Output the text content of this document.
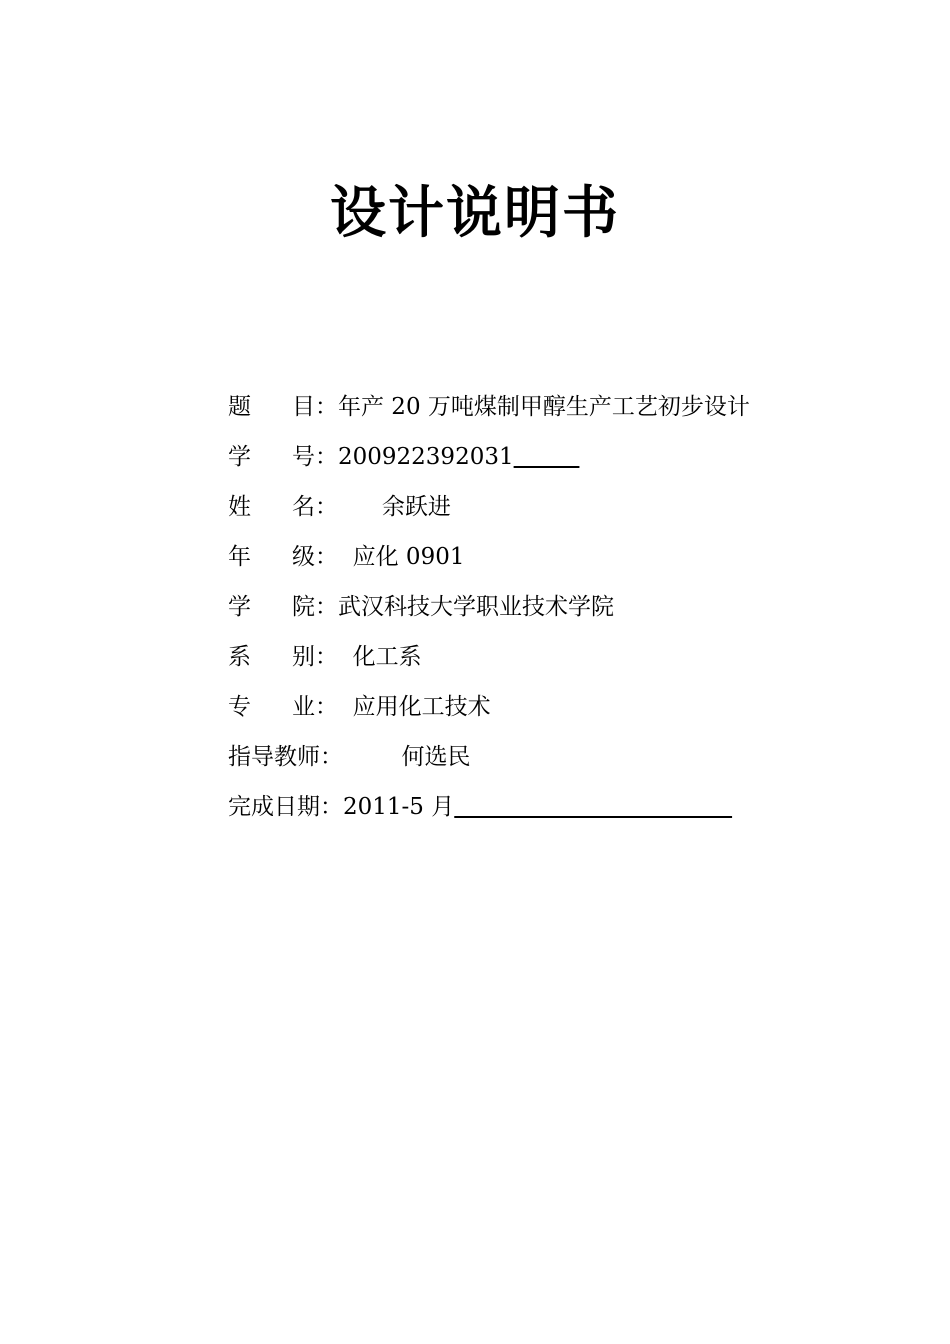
设计说明书
题 目：年产 20 万吨煤制甲醇生产工艺初步设计
学 号：200922392031
姓 名： 余跃进
年 级： 应化 0901
学 院：武汉科技大学职业技术学院
系 别： 化工系
专 业： 应用化工技术
指导教师：	何选民
完成日期：2011-5 月
